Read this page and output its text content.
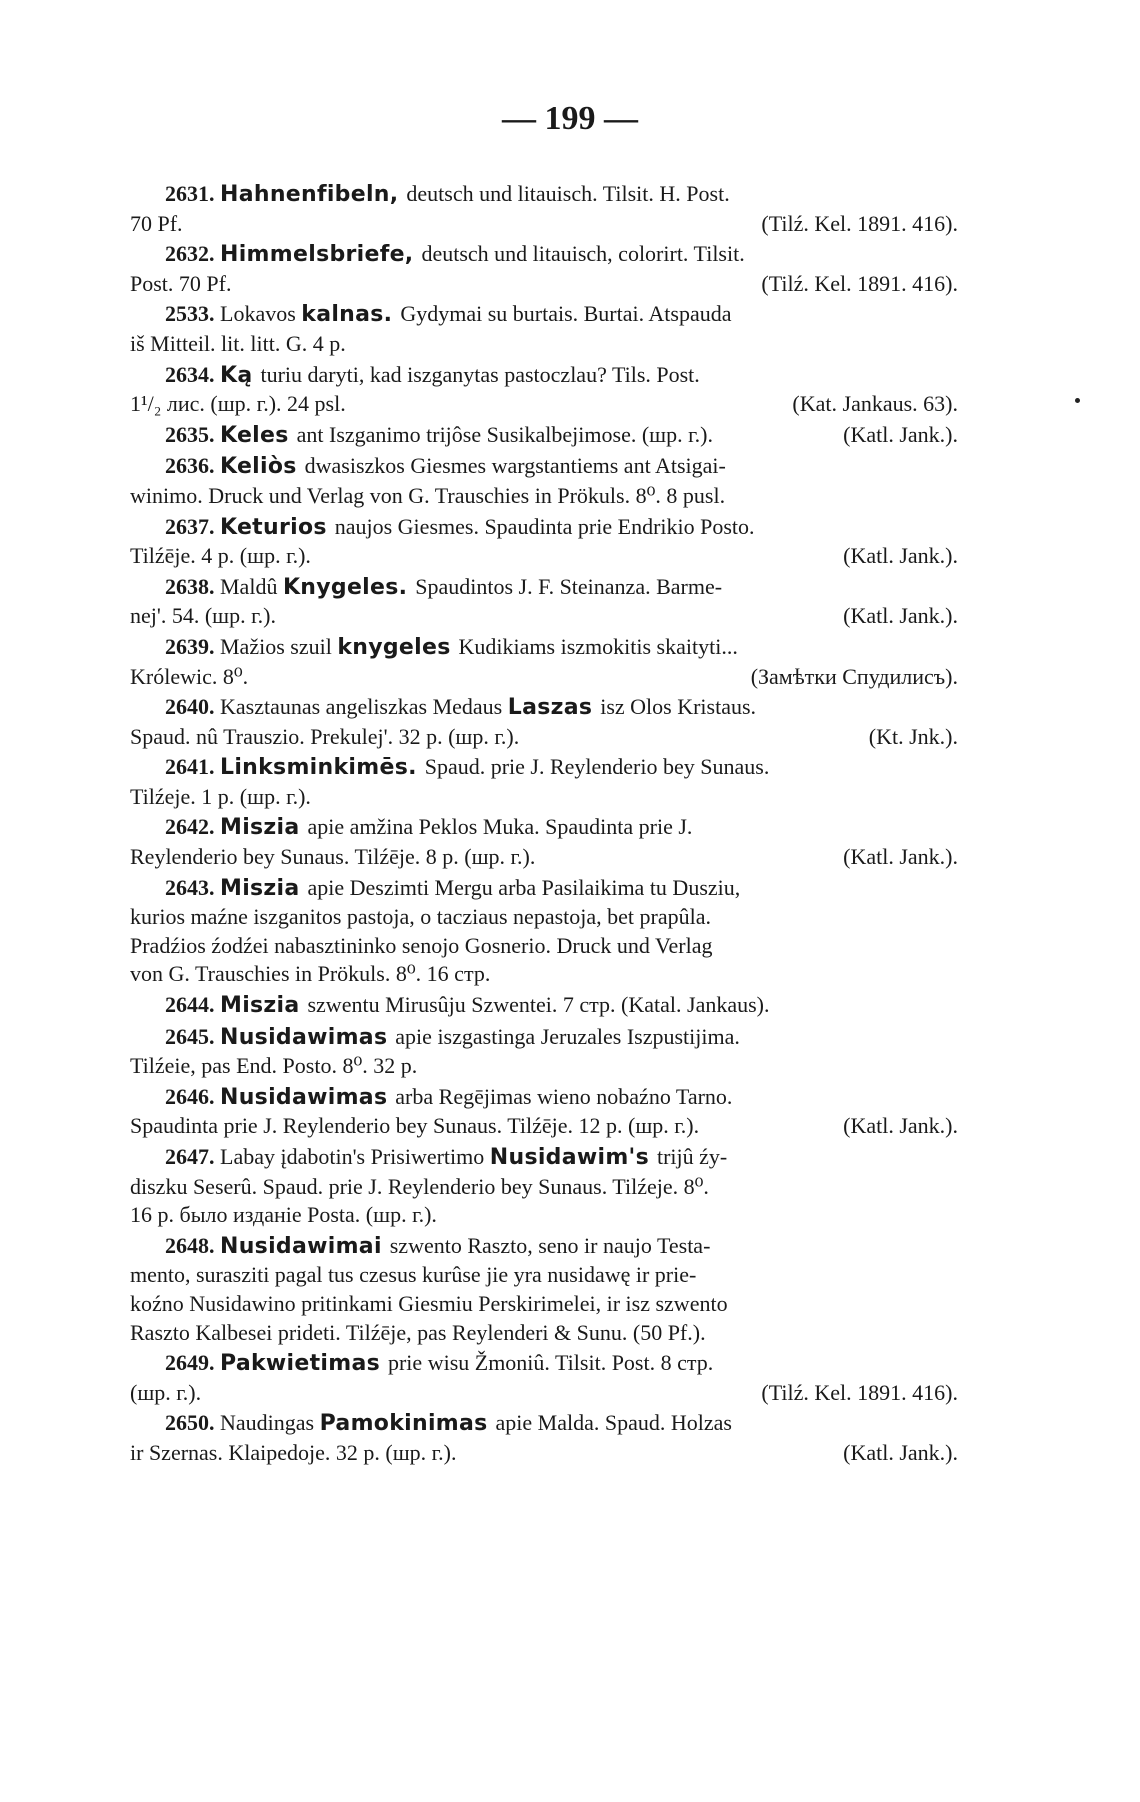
— 199 —
2631. Hahnenfibeln, deutsch und litauisch. Tilsit. H. Post.
70 Pf.	(Tilź. Kel. 1891. 416).
2632. Himmelsbriefe, deutsch und litauisch, colorirt. Tilsit.
Post. 70 Pf.	(Tilź. Kel. 1891. 416).
2533. Lokavos kalnas. Gydymai su burtais. Burtai. Atspauda
iš Mitteil. lit. litt. G. 4 p.
2634. Ką turiu daryti, kad iszganytas pastoczlau? Tils. Post.
1¹/₂ лис. (шр. г.). 24 psl.	(Kat. Jankaus. 63).
2635. Keles ant Iszganimo trijôse Susikalbejimose. (шр. г.).	(Katl. Jank.).
2636. Keliòs dwasiszkos Giesmes wargstantiems ant Atsigai-
winimo. Druck und Verlag von G. Trauschies in Prökuls. 8⁰. 8 pusl.
2637. Keturios naujos Giesmes. Spaudinta prie Endrikio Posto.
Tilźēje. 4 p. (шр. г.).	(Katl. Jank.).
2638. Maldû Knygeles. Spaudintos J. F. Steinanza. Barme-
nej'. 54. (шр. г.).	(Katl. Jank.).
2639. Mažios szuil knygeles Kudikiams iszmokitis skaityti...
Królewic. 8⁰.	(Замѣтки Спудилисъ).
2640. Kasztaunas angeliszkas Medaus Laszas isz Olos Kristaus.
Spaud. nû Trauszio. Prekulej'. 32 p. (шр. г.).	(Kt. Jnk.).
2641. Linksminkimēs. Spaud. prie J. Reylenderio bey Sunaus.
Tilźeje. 1 p. (шр. г.).
2642. Miszia apie amžina Peklos Muka. Spaudinta prie J.
Reylenderio bey Sunaus. Tilźēje. 8 p. (шр. г.).	(Katl. Jank.).
2643. Miszia apie Deszimti Mergu arba Pasilaikima tu Dusziu,
kurios maźne iszganitos pastoja, o tacziaus nepastoja, bet prapûla.
Pradźios źodźei nabasztininko senojo Gosnerio. Druck und Verlag
von G. Trauschies in Prökuls. 8⁰. 16 стр.
2644. Miszia szwentu Mirusûju Szwentei. 7 стр. (Katal. Jankaus).
2645. Nusidawimas apie iszgastinga Jeruzales Iszpustijima.
Tilźeie, pas End. Posto. 8⁰. 32 p.
2646. Nusidawimas arba Regējimas wieno nobaźno Tarno.
Spaudinta prie J. Reylenderio bey Sunaus. Tilźēje. 12 p. (шр. г.).	(Katl. Jank.).
2647. Labay įdabotin's Prisiwertimo Nusidawim's trijû źy-
diszku Seserû. Spaud. prie J. Reylenderio bey Sunaus. Tilźeje. 8⁰.
16 p. было изданіе Posta. (шр. г.).
2648. Nusidawimai szwento Raszto, seno ir naujo Testa-
mento, surasziti pagal tus czesus kurûse jie yra nusidawę ir prie-
koźno Nusidawino pritinkami Giesmiu Perskirimelei, ir isz szwento
Raszto Kalbesei prideti. Tilźēje, pas Reylenderi & Sunu. (50 Pf.).
2649. Pakwietimas prie wisu Žmoniû. Tilsit. Post. 8 стр.
(шр. г.).	(Tilź. Kel. 1891. 416).
2650. Naudingas Pamokinimas apie Malda. Spaud. Holzas
ir Szernas. Klaipedoje. 32 p. (шр. г.).	(Katl. Jank.).
